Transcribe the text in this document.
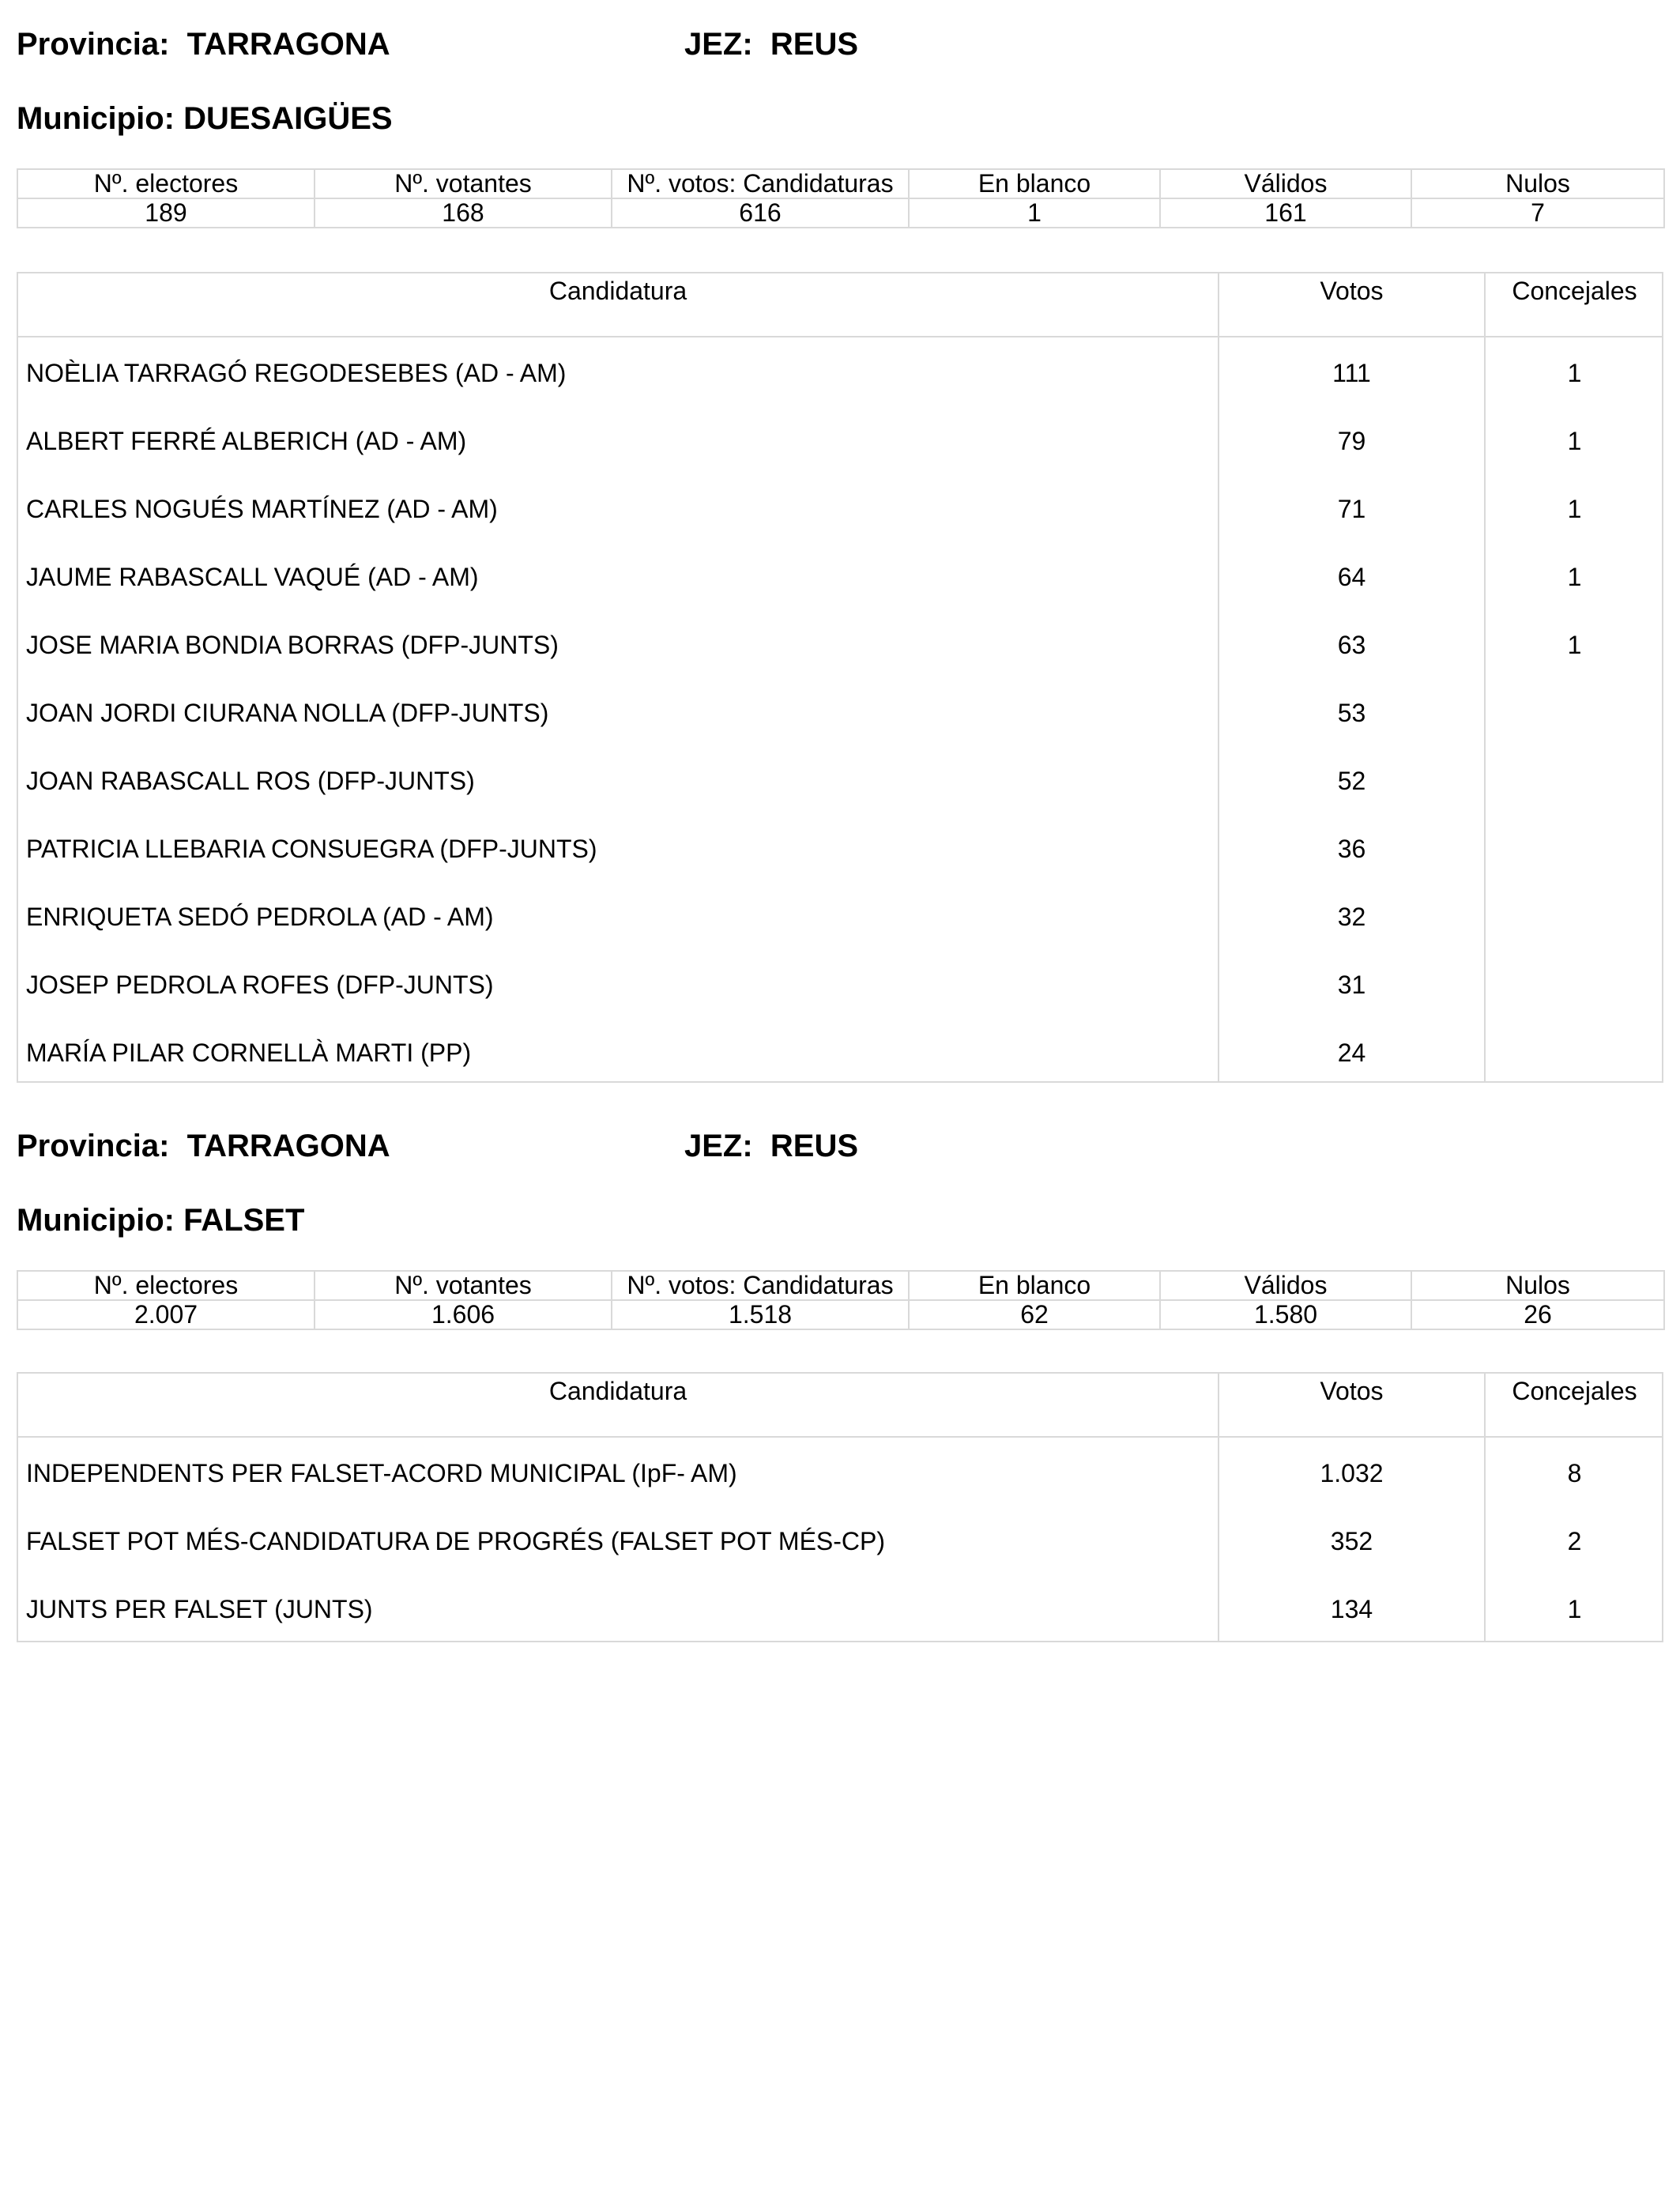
Provincia:  TARRAGONA	JEZ:  REUS
Municipio: DUESAIGÜES
Nº. electores	Nº. votantes	Nº. votos: Candidaturas	En blanco	Válidos	Nulos
189	168	616	1	161	7
Candidatura	Votos	Concejales
NOÈLIA TARRAGÓ REGODESEBES (AD - AM)	111	1
ALBERT FERRÉ ALBERICH (AD - AM)	79	1
CARLES NOGUÉS MARTÍNEZ (AD - AM)	71	1
JAUME RABASCALL VAQUÉ (AD - AM)	64	1
JOSE MARIA BONDIA BORRAS (DFP-JUNTS)	63	1
JOAN JORDI CIURANA NOLLA (DFP-JUNTS)	53
JOAN RABASCALL ROS (DFP-JUNTS)	52
PATRICIA LLEBARIA CONSUEGRA (DFP-JUNTS)	36
ENRIQUETA SEDÓ PEDROLA (AD - AM)	32
JOSEP PEDROLA ROFES (DFP-JUNTS)	31
MARÍA PILAR CORNELLÀ MARTI (PP)	24
Provincia:  TARRAGONA	JEZ:  REUS
Municipio: FALSET
Nº. electores	Nº. votantes	Nº. votos: Candidaturas	En blanco	Válidos	Nulos
2.007	1.606	1.518	62	1.580	26
Candidatura	Votos	Concejales
INDEPENDENTS PER FALSET-ACORD MUNICIPAL (IpF- AM)	1.032	8
FALSET POT MÉS-CANDIDATURA DE PROGRÉS (FALSET POT MÉS-CP)	352	2
JUNTS PER FALSET (JUNTS)	134	1
